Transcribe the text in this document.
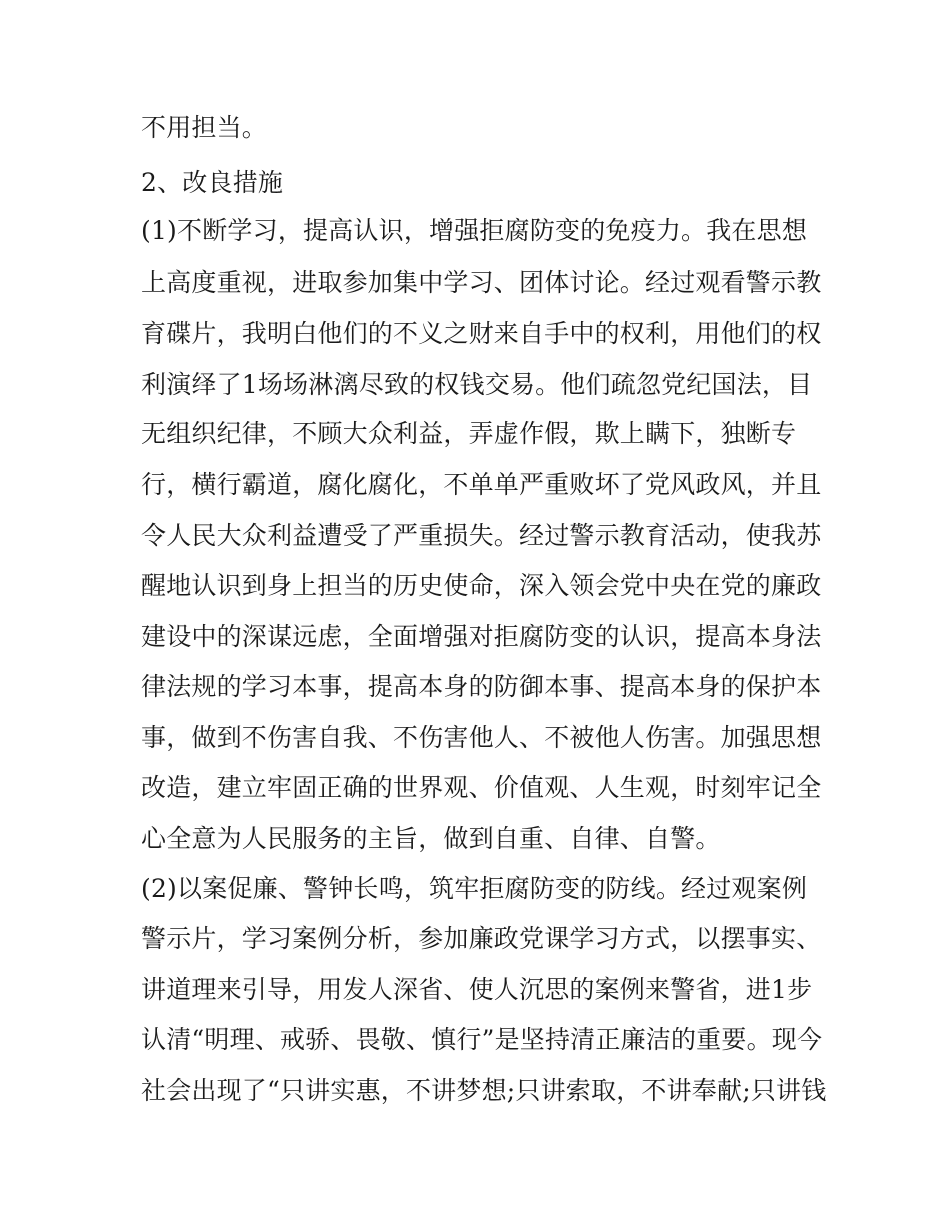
不用担当。
2、改良措施
(1)不断学习，提高认识，增强拒腐防变的免疫力。我在思想
上高度重视，进取参加集中学习、团体讨论。经过观看警示教
育碟片，我明白他们的不义之财来自手中的权利，用他们的权
利演绎了1场场淋漓尽致的权钱交易。他们疏忽党纪国法，目
无组织纪律，不顾大众利益，弄虚作假，欺上瞒下，独断专
行，横行霸道，腐化腐化，不单单严重败坏了党风政风，并且
令人民大众利益遭受了严重损失。经过警示教育活动，使我苏
醒地认识到身上担当的历史使命，深入领会党中央在党的廉政
建设中的深谋远虑，全面增强对拒腐防变的认识，提高本身法
律法规的学习本事，提高本身的防御本事、提高本身的保护本
事，做到不伤害自我、不伤害他人、不被他人伤害。加强思想
改造，建立牢固正确的世界观、价值观、人生观，时刻牢记全
心全意为人民服务的主旨，做到自重、自律、自警。
(2)以案促廉、警钟长鸣，筑牢拒腐防变的防线。经过观案例
警示片，学习案例分析，参加廉政党课学习方式，以摆事实、
讲道理来引导，用发人深省、使人沉思的案例来警省，进1步
认清“明理、戒骄、畏敬、慎行”是坚持清正廉洁的重要。现今
社会出现了“只讲实惠，不讲梦想;只讲索取，不讲奉献;只讲钱
